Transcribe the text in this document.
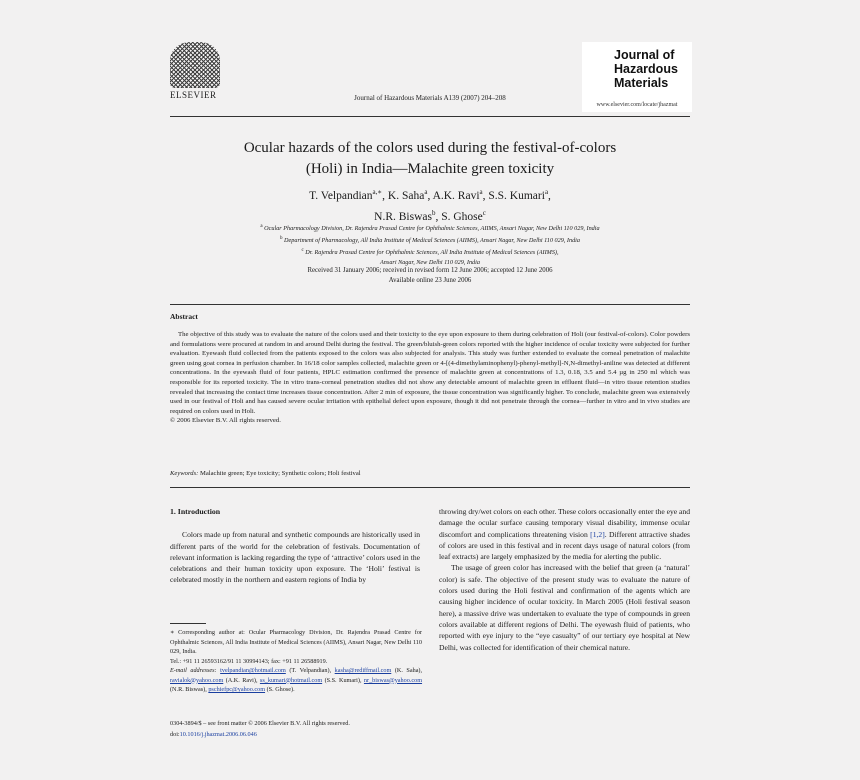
ELSEVIER	Journal of Hazardous Materials A139 (2007) 204–208
Journal of
Hazardous
Materials
www.elsevier.com/locate/jhazmat
Ocular hazards of the colors used during the festival-of-colors
(Holi) in India—Malachite green toxicity
T. Velpandian$^{a,∗}$, K. Saha$^a$, A.K. Ravi$^a$, S.S. Kumari$^a$,
N.R. Biswas$^b$, S. Ghose$^c$
$^a$ Ocular Pharmacology Division, Dr. Rajendra Prasad Centre for Ophthalmic Sciences, AIIMS, Ansari Nagar, New Delhi 110 029, India
$^b$ Department of Pharmacology, All India Institute of Medical Sciences (AIIMS), Ansari Nagar, New Delhi 110 029, India
$^c$ Dr. Rajendra Prasad Centre for Ophthalmic Sciences, All India Institute of Medical Sciences (AIIMS),
Ansari Nagar, New Delhi 110 029, India
Received 31 January 2006; received in revised form 12 June 2006; accepted 12 June 2006
Available online 23 June 2006
Abstract

The objective of this study was to evaluate the nature of the colors used and their toxicity to the eye upon exposure to them during celebration of Holi (our festival-of-colors). Color powders and formulations were procured at random in and around Delhi during the festival. The green/bluish-green colors reported with the higher incidence of ocular toxicity were subjected for further evaluation. Eyewash fluid collected from the patients exposed to the colors was also subjected for analysis. This study was further extended to evaluate the corneal penetration of malachite green using goat cornea in perfusion chamber. In 16/18 color samples collected, malachite green or 4-[(4-dimethylaminophenyl)-phenyl-methyl]-N,N-dimethyl-aniline was detected at different concentrations. In the eyewash fluid of four patients, HPLC estimation confirmed the presence of malachite green at concentrations of 1.3, 0.18, 3.5 and 5.4 µg in 250 ml which was responsible for its reported toxicity. The in vitro trans-corneal penetration studies did not show any detectable amount of malachite green in effluent fluid—in vitro tissue retention studies revealed that increasing the contact time increases tissue concentration. After 2 min of exposure, the tissue concentration was significantly higher. To conclude, malachite green was extensively used in our festival of Holi and has caused severe ocular irritation with epithelial defect upon exposure, though it did not penetrate through the cornea—further in vitro and in vivo studies are required on colors used in Holi.

© 2006 Elsevier B.V. All rights reserved.
Keywords: Malachite green; Eye toxicity; Synthetic colors; Holi festival
1. Introduction

Colors made up from natural and synthetic compounds are historically used in different parts of the world for the celebration of festivals. Documentation of relevant information is lacking regarding the type of ‘attractive’ colors used in the celebrations and their human toxicity upon exposure. The ‘Holi’ festival is celebrated mostly in the northern and eastern regions of India by

∗ Corresponding author at: Ocular Pharmacology Division, Dr. Rajendra Prasad Centre for Ophthalmic Sciences, All India Institute of Medical Sciences (AIIMS), Ansari Nagar, New Delhi 110 029, India.
Tel.: +91 11 26593162/91 11 30994143; fax: +91 11 26588919.
E-mail addresses: tvelpandian@hotmail.com (T. Velpandian), kasha@rediffmail.com (K. Saha), ravialok@yahoo.com (A.K. Ravi), ss_kumari@hotmail.com (S.S. Kumari), nr_biswas@yahoo.com (N.R. Biswas), pschiefpc@yahoo.com (S. Ghose).
0304-3894/$ – see front matter © 2006 Elsevier B.V. All rights reserved.
doi:10.1016/j.jhazmat.2006.06.046

throwing dry/wet colors on each other. These colors occasionally enter the eye and damage the ocular surface causing temporary visual disability, immense ocular discomfort and complications threatening vision [1,2]. Different attractive shades of colors are used in this festival and in recent days usage of natural colors (from leaf extracts) are largely emphasized by the media for alerting the public.

The usage of green color has increased with the belief that green (a ‘natural’ color) is safe. The objective of the present study was to evaluate the nature of colors used during the Holi festival and confirmation of the agents which are causing higher incidence of ocular toxicity. In March 2005 (Holi festival season here), a massive drive was undertaken to evaluate the type of compounds in green colors available at different regions of Delhi. The eyewash fluid of patients, who reported with eye injury to the “eye casualty” of our tertiary eye hospital at New Delhi, was collected for identification of their chemical nature.
